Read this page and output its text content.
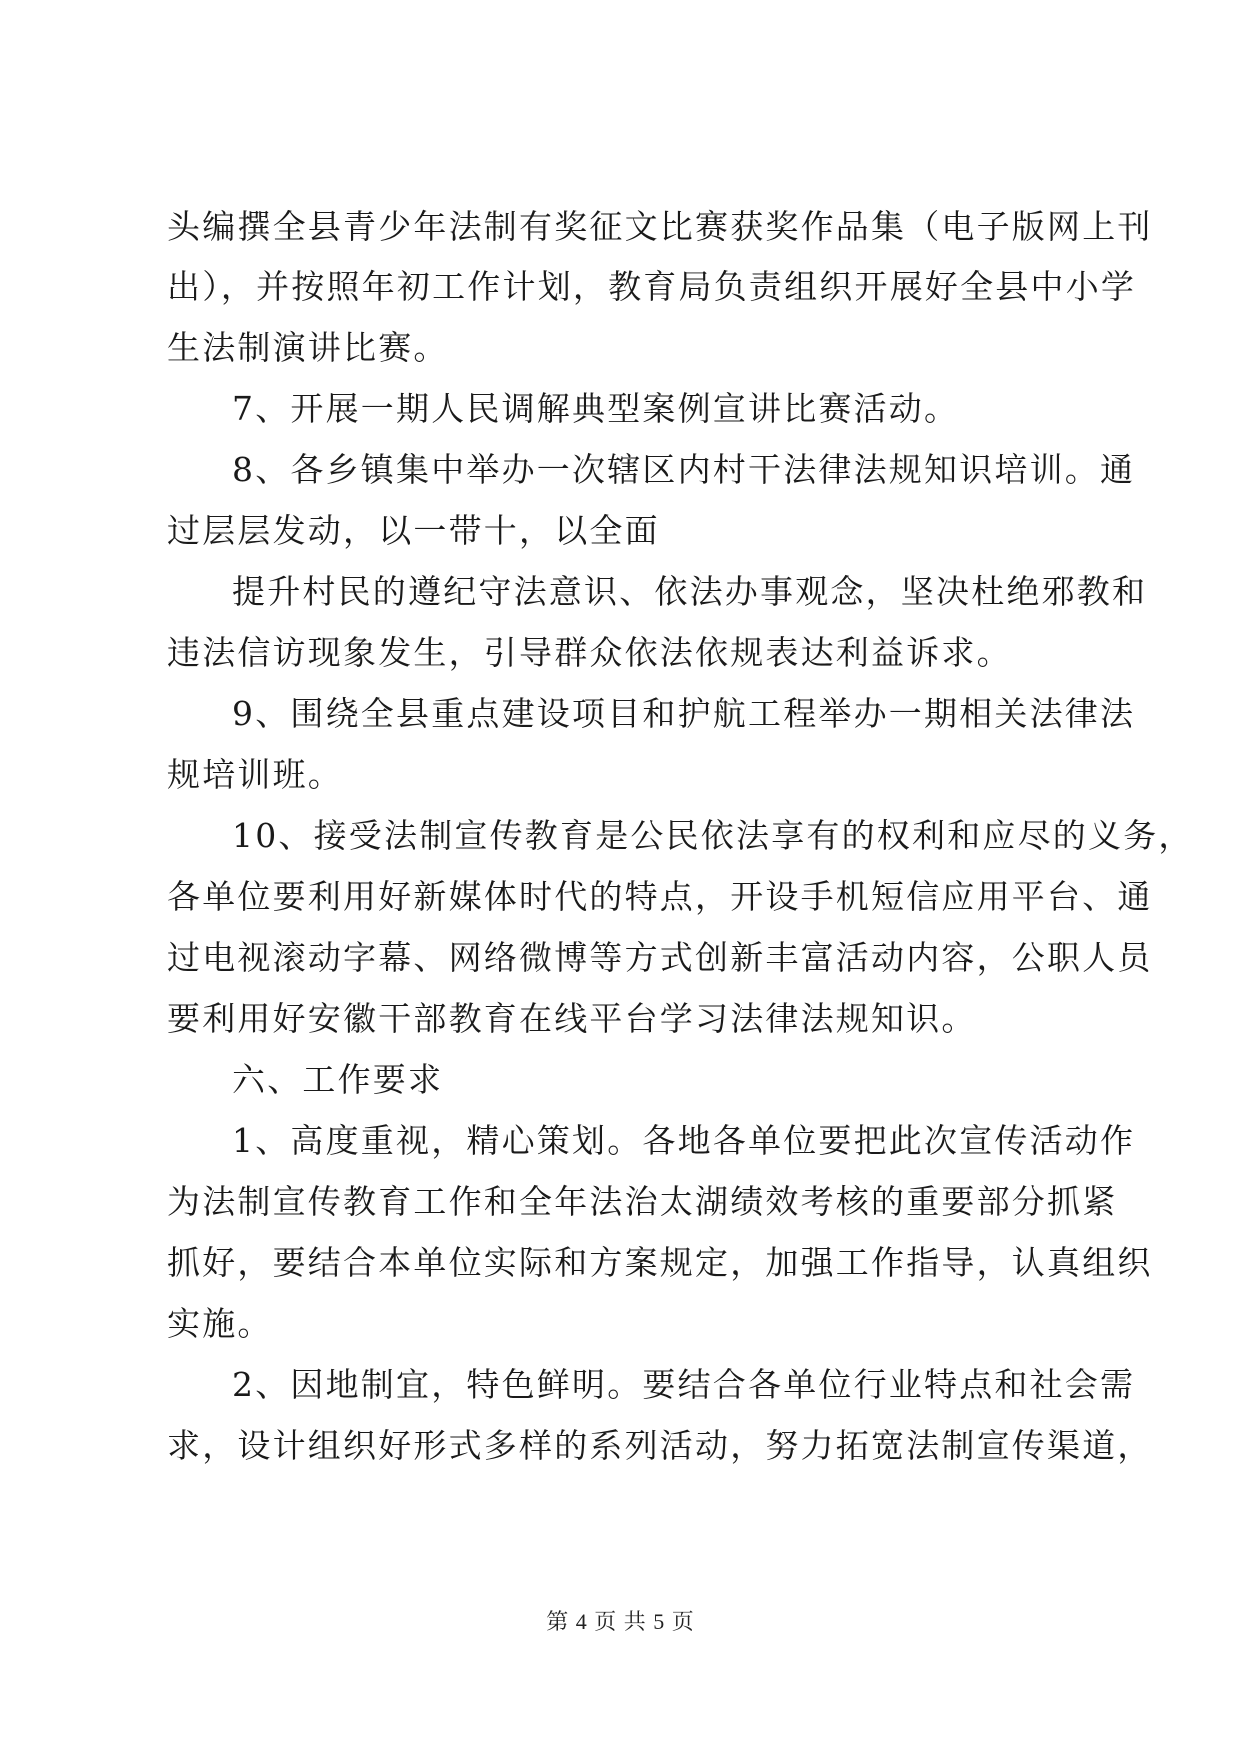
头编撰全县青少年法制有奖征文比赛获奖作品集（电子版网上刊
出），并按照年初工作计划，教育局负责组织开展好全县中小学
生法制演讲比赛。
7、开展一期人民调解典型案例宣讲比赛活动。
8、各乡镇集中举办一次辖区内村干法律法规知识培训。通
过层层发动，以一带十，以全面
提升村民的遵纪守法意识、依法办事观念，坚决杜绝邪教和
违法信访现象发生，引导群众依法依规表达利益诉求。
9、围绕全县重点建设项目和护航工程举办一期相关法律法
规培训班。
10、接受法制宣传教育是公民依法享有的权利和应尽的义务，
各单位要利用好新媒体时代的特点，开设手机短信应用平台、通
过电视滚动字幕、网络微博等方式创新丰富活动内容，公职人员
要利用好安徽干部教育在线平台学习法律法规知识。
六、工作要求
1、高度重视，精心策划。各地各单位要把此次宣传活动作
为法制宣传教育工作和全年法治太湖绩效考核的重要部分抓紧
抓好，要结合本单位实际和方案规定，加强工作指导，认真组织
实施。
2、因地制宜，特色鲜明。要结合各单位行业特点和社会需
求，设计组织好形式多样的系列活动，努力拓宽法制宣传渠道，
第 4 页 共 5 页
